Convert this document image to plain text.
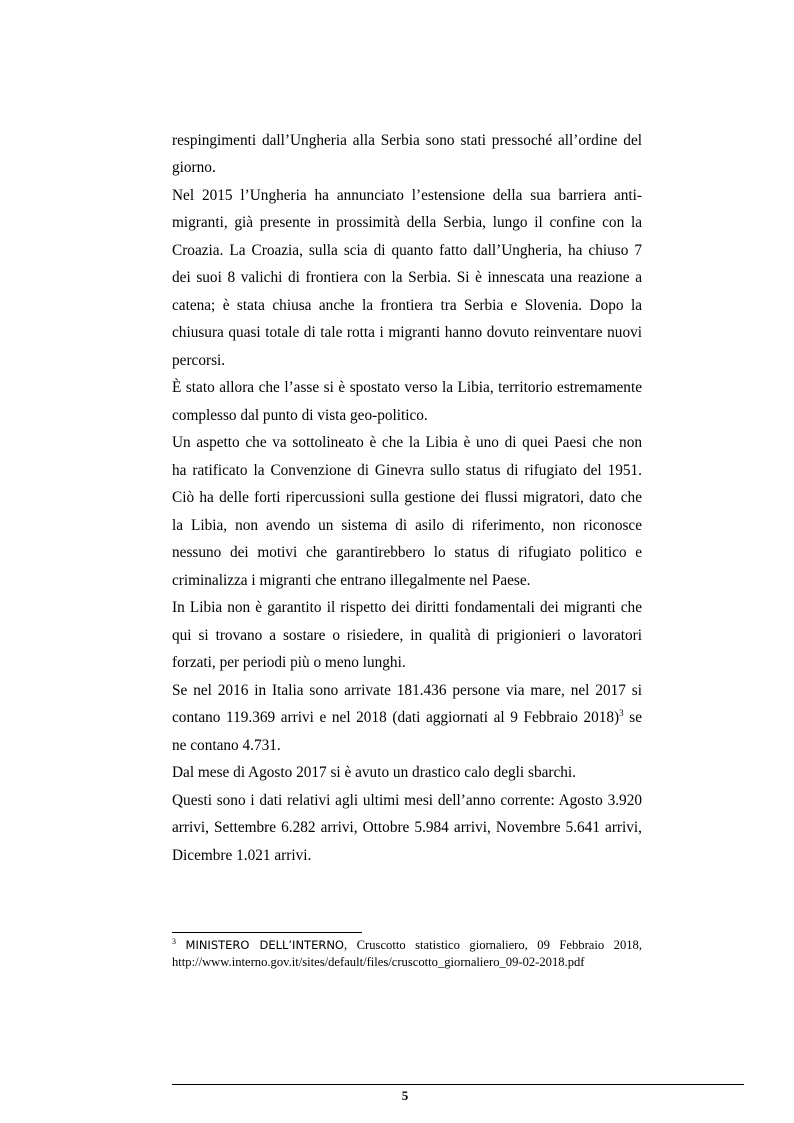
respingimenti dall’Ungheria alla Serbia sono stati pressoché all’ordine del
giorno.
Nel 2015 l’Ungheria ha annunciato l’estensione della sua barriera anti-
migranti, già presente in prossimità della Serbia, lungo il confine con la
Croazia. La Croazia, sulla scia di quanto fatto dall’Ungheria, ha chiuso 7
dei suoi 8 valichi di frontiera con la Serbia. Si è innescata una reazione a
catena; è stata chiusa anche la frontiera tra Serbia e Slovenia. Dopo la
chiusura quasi totale di tale rotta i migranti hanno dovuto reinventare nuovi
percorsi.
È stato allora che l’asse si è spostato verso la Libia, territorio estremamente
complesso dal punto di vista geo-politico.
Un aspetto che va sottolineato è che la Libia è uno di quei Paesi che non
ha ratificato la Convenzione di Ginevra sullo status di rifugiato del 1951.
Ciò ha delle forti ripercussioni sulla gestione dei flussi migratori, dato che
la Libia, non avendo un sistema di asilo di riferimento, non riconosce
nessuno dei motivi che garantirebbero lo status di rifugiato politico e
criminalizza i migranti che entrano illegalmente nel Paese.
In Libia non è garantito il rispetto dei diritti fondamentali dei migranti che
qui si trovano a sostare o risiedere, in qualità di prigionieri o lavoratori
forzati, per periodi più o meno lunghi.
Se nel 2016 in Italia sono arrivate 181.436 persone via mare, nel 2017 si
contano 119.369 arrivi e nel 2018 (dati aggiornati al 9 Febbraio 2018)$^3$ se
ne contano 4.731.
Dal mese di Agosto 2017 si è avuto un drastico calo degli sbarchi.
Questi sono i dati relativi agli ultimi mesi dell’anno corrente: Agosto 3.920
arrivi, Settembre 6.282 arrivi, Ottobre 5.984 arrivi, Novembre 5.641 arrivi,
Dicembre 1.021 arrivi.
$^3$ MINISTERO DELL’INTERNO, Cruscotto statistico giornaliero, 09 Febbraio 2018,
http://www.interno.gov.it/sites/default/files/cruscotto_giornaliero_09-02-2018.pdf
5
